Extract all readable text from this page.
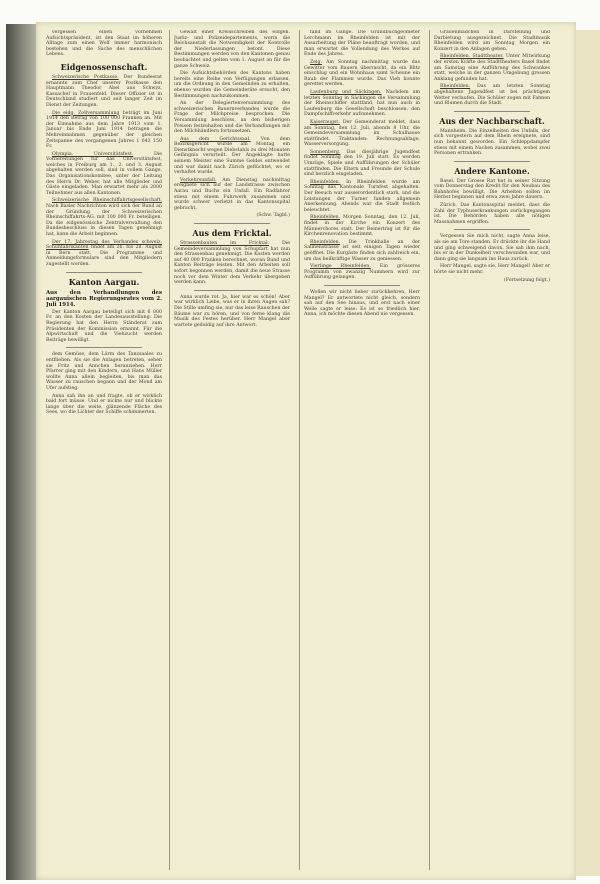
vergessen einen vornehmen Aufsichtspräsident, ist den Staat im höheren Alltage zum einen Wolf immer harmonisch bestehen und die Sache des menschlichen Lebens.

Eidgenossenschaft.

Schweizerische Postkasse. Der Bundesrat ernannte zum Chef unserer Postkasse den Hauptmann Theodor Abel aus Schwyz, Kassachef in Frauenfeld. Dieser Offizier ist in Deutschland studiert und seit langer Zeit im Dienst der Zeitungen.

Die eidg. Zollversammlung beträgt im Juni 1914 den Betrag von 100 000 Franken an. Mit der Einnahme aus dem Jahre 1913 vom 1. Januar bis Ende Juni 1914 betragen die Mehreinnahmen gegenüber der gleichen Zeitspanne des vergangenen Jahres 1 643 150 Fr.

Olympia. Universitätsfest.	Die Vorbereitungen für das Universitätsfest, welches in Freiburg am 1., 2. und 3. August abgehalten werden soll, sind in vollem Gange. Das Organisationskomitee, unter der Leitung des Herrn Dr. Weber, hat alle Mitglieder und Gäste eingeladen. Man erwartet mehr als 2000 Teilnehmer aus allen Kantonen.

Schweizerische Rheinschiffahrtsgesellschaft. Nach Basler Nachrichten wird sich der Bund an der Gründung der Schweizerischen Rheinschiffahrts-AG. mit 100 000 Fr. beteiligen. Da die eidgenössische Zentralverwaltung den Bundesbeschluss in diesen Tagen genehmigt hat, kann die Arbeit beginnen.

Der 17. Jahrestag des Verbandes schweiz. Schuhfabrikanten findet am 26. bis 28. August in Bern statt. Die Programme und Anmeldungsformulare sind den Mitgliedern zugestellt worden.

Kanton Aargau.
Aus den Verhandlungen des aargauischen Regierungsrates vom 2. Juli 1914.

Der Kanton Aargau beteiligt sich mit 6 000 Fr. an den Kosten der Landesausstellung. Die Regierung hat den Herrn Ständerat zum Präsidenten der Kommission ernannt. Für die Alpwirtschaft und die Viehzucht werden Beiträge bewilligt.

dem Gemüse, dem Lärm des Tanzsaales zu entfliehen. Als sie die Anlagen betreten, sehen sie Fritz und Annchen heranziehen. Herr Pfarrer ging mit den Kindern, und Hans Müller wollte Anna allein begleiten, bis man das Wasser zu rauschen begann und der Mond am Ufer aufstieg.

Anna sah ihn an und fragte, ob er wirklich bald fort müsse. Und er nickte nur und blickte lange über die weite, glänzende Fläche des Sees, wo die Lichter der Schiffe schimmerten.

Gewalt einer Kreisschreiben des eidgen. Justiz- und Polizeidepartements, worin die Reichsanstalt die Notwendigkeit der Kontrolle der Niederlassungen betont. Diese Bestimmungen werden von den Kantonen genau beobachtet und gelten vom 1. August an für die ganze Schweiz.

Die Aufsichtsbehörden des Kantons haben bereits eine Reihe von Verfügungen erlassen, um die Ordnung in den Gemeinden zu erhalten, ebenso wurden die Gemeinderäte ersucht, den Bestimmungen nachzukommen.

An der Delegiertenversammlung des schweizerischen Bauernverbandes wurde die Frage der Milchpreise besprochen. Die Versammlung beschloss, an den bisherigen Preisen festzuhalten und die Verhandlungen mit den Milchhändlern fortzusetzen.

Aus dem Gerichtssaal. Von dem Bezirksgericht wurde am Montag ein Dienstknecht wegen Diebstahls zu drei Monaten Gefängnis verurteilt. Der Angeklagte hatte seinem Meister eine Summe Geldes entwendet und war damit nach Zürich geflüchtet, wo er verhaftet wurde.

Verkehrsunfall. Am Dienstag nachmittag ereignete sich auf der Landstrasse zwischen Aarau und Buchs ein Unfall. Ein Radfahrer stiess mit einem Fuhrwerk zusammen und wurde schwer verletzt in das Kantonsspital gebracht.

(Schw. Tagbl.)

Aus dem Fricktal.

Strassenbauten im Fricktal.	Die Gemeindeversammlung von Schupfart hat nun den Strassenbau genehmigt. Die Kosten werden auf 40 000 Franken berechnet, woran Bund und Kanton Beiträge leisten. Mit den Arbeiten soll sofort begonnen werden, damit die neue Strasse noch vor dem Winter dem Verkehr übergeben werden kann.

Anna wurde rot. Ja, hier war es schön! Aber war wirklich Liebe, was er in ihren Augen sah? Die Stille umfing sie, nur das leise Rauschen der Bäume war zu hören, und von ferne klang die Musik des Festes herüber. Herr Mangel aber wartete geduldig auf ihre Antwort.

fand im Gange. Die Grundbuchgeometer Lerchmann im Rheinfelden ist mit der Ausarbeitung der Pläne beauftragt worden, und man erwartet die Vollendung des Werkes auf Ende des Jahres.

Zeig. Am Sonntag nachmittag wurde das Gewitter vom Bauern überrascht, da ein Blitz einschlug und ein Wohnhaus samt Scheune ein Raub der Flammen wurde. Das Vieh konnte gerettet werden.

Laufenburg und Säckingen. Nachdem am letzten Sonntag in Säckingen die Versammlung der Rheinschiffer stattfand, hat nun auch in Laufenburg die Gesellschaft beschlossen, den Dampfschiffverkehr aufzunehmen.

Kaiseraugst. Der Gemeinderat meldet, dass am Sonntag, den 12. Juli, abends 8 Uhr, die Gemeindeversammlung im Schulhause stattfindet. Traktanden: Rechnungsablage, Wasserversorgung.

Sonnenberg. Das diesjährige Jugendfest findet Sonntag den 19. Juli statt. Es werden Umzüge, Spiele und Aufführungen der Schüler stattfinden. Die Eltern und Freunde der Schule sind herzlich eingeladen.

Rheinfelden. In Rheinfelden wurde am Sonntag das Kantonale Turnfest abgehalten. Der Besuch war ausserordentlich stark, und die Leistungen der Turner fanden allgemein Anerkennung. Abends war die Stadt festlich beleuchtet.

Rheinfelden. Morgen Sonntag, den 12. Juli, findet in der Kirche ein Konzert des Männerchores statt. Der Reinertrag ist für die Kirchenrenovation bestimmt.

Rheinfelden. Die Trinkhalle an der Salinenstrasse ist seit einigen Tagen wieder geöffnet. Die Kurgäste finden sich zahlreich ein, um das heilkräftige Wasser zu geniessen.

Vierlinge Rheinfelden. Ein grösseres Programm von zwanzig Nummern wird zur Aufführung gelangen.

Wollen wir nicht lieber zurückkehren, Herr Mangel? Er antwortete nicht gleich, sondern sah auf den See hinaus, und erst nach einer Weile sagte er leise: Es ist so friedlich hier, Anna, ich möchte diesen Abend nie vergessen.

Grauenmädchen in Darstellung und Darbietung ausgezeichnet. Die Stadtmusik Rheinfelden wird am Sonntag Morgen ein Konzert in den Anlagen geben.

Rheinfelden. Stadttheater. Unter Mitwirkung der ersten Kräfte des Stadttheaters Basel findet am Samstag eine Aufführung des Schwankes statt, welche in der ganzen Umgebung grossen Anklang gefunden hat.

Rheinfelden. Das am letzten Sonntag abgehaltene Jugendfest ist bei prächtigem Wetter verlaufen. Die Schüler zogen mit Fahnen und Blumen durch die Stadt.

Aus der Nachbarschaft.

Mannheim. Die Einzelheiten des Unfalls, der sich vorgestern auf dem Rhein ereignete, sind nun bekannt geworden. Ein Schleppdampfer stiess mit einem Nachen zusammen, wobei zwei Personen ertranken.

Andere Kantone.

Basel. Der Grosse Rat hat in seiner Sitzung vom Donnerstag den Kredit für den Neubau des Bahnhofes bewilligt. Die Arbeiten sollen im Herbst beginnen und etwa zwei Jahre dauern.

Zürich. Das Kantonsspital meldet, dass die Zahl der Typhuserkrankungen zurückgegangen ist. Die Behörden haben alle nötigen Massnahmen ergriffen.

Vergessen Sie mich nicht, sagte Anna leise, als sie am Tore standen. Er drückte ihr die Hand und ging schweigend davon. Sie sah ihm nach, bis er in der Dunkelheit verschwunden war, und dann ging sie langsam ins Haus zurück.

Herr Mangel, sagte sie, Herr Mangel! Aber er hörte sie nicht mehr.

(Fortsetzung folgt.)
